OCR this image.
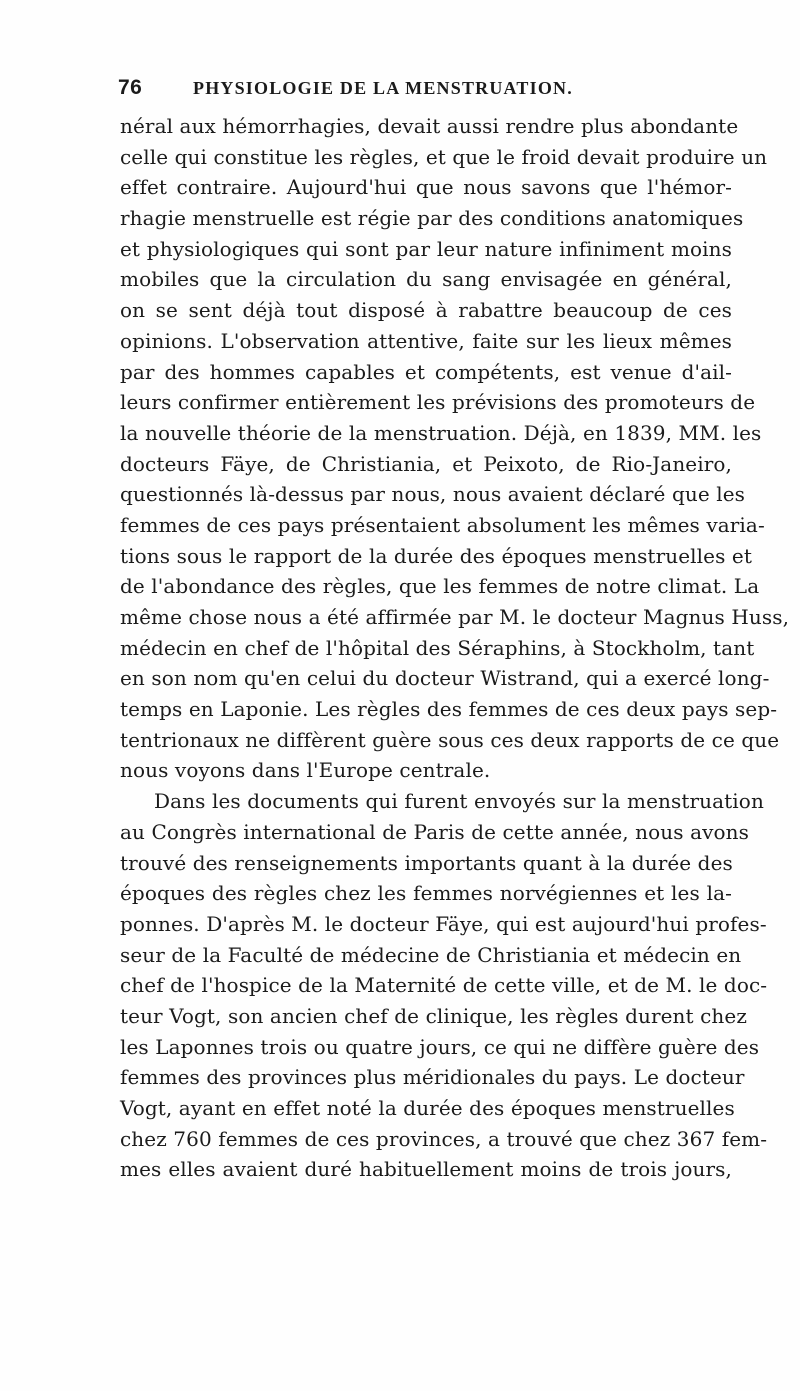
76	PHYSIOLOGIE DE LA MENSTRUATION.
néral aux hémorrhagies, devait aussi rendre plus abondante
celle qui constitue les règles, et que le froid devait produire un
effet contraire. Aujourd'hui que nous savons que l'hémor-
rhagie menstruelle est régie par des conditions anatomiques
et physiologiques qui sont par leur nature infiniment moins
mobiles que la circulation du sang envisagée en général,
on se sent déjà tout disposé à rabattre beaucoup de ces
opinions. L'observation attentive, faite sur les lieux mêmes
par des hommes capables et compétents, est venue d'ail-
leurs confirmer entièrement les prévisions des promoteurs de
la nouvelle théorie de la menstruation. Déjà, en 1839, MM. les
docteurs Fäye, de Christiania, et Peixoto, de Rio-Janeiro,
questionnés là-dessus par nous, nous avaient déclaré que les
femmes de ces pays présentaient absolument les mêmes varia-
tions sous le rapport de la durée des époques menstruelles et
de l'abondance des règles, que les femmes de notre climat. La
même chose nous a été affirmée par M. le docteur Magnus Huss,
médecin en chef de l'hôpital des Séraphins, à Stockholm, tant
en son nom qu'en celui du docteur Wistrand, qui a exercé long-
temps en Laponie. Les règles des femmes de ces deux pays sep-
tentrionaux ne diffèrent guère sous ces deux rapports de ce que
nous voyons dans l'Europe centrale.
Dans les documents qui furent envoyés sur la menstruation
au Congrès international de Paris de cette année, nous avons
trouvé des renseignements importants quant à la durée des
époques des règles chez les femmes norvégiennes et les la-
ponnes. D'après M. le docteur Fäye, qui est aujourd'hui profes-
seur de la Faculté de médecine de Christiania et médecin en
chef de l'hospice de la Maternité de cette ville, et de M. le doc-
teur Vogt, son ancien chef de clinique, les règles durent chez
les Laponnes trois ou quatre jours, ce qui ne diffère guère des
femmes des provinces plus méridionales du pays. Le docteur
Vogt, ayant en effet noté la durée des époques menstruelles
chez 760 femmes de ces provinces, a trouvé que chez 367 fem-
mes elles avaient duré habituellement moins de trois jours,
